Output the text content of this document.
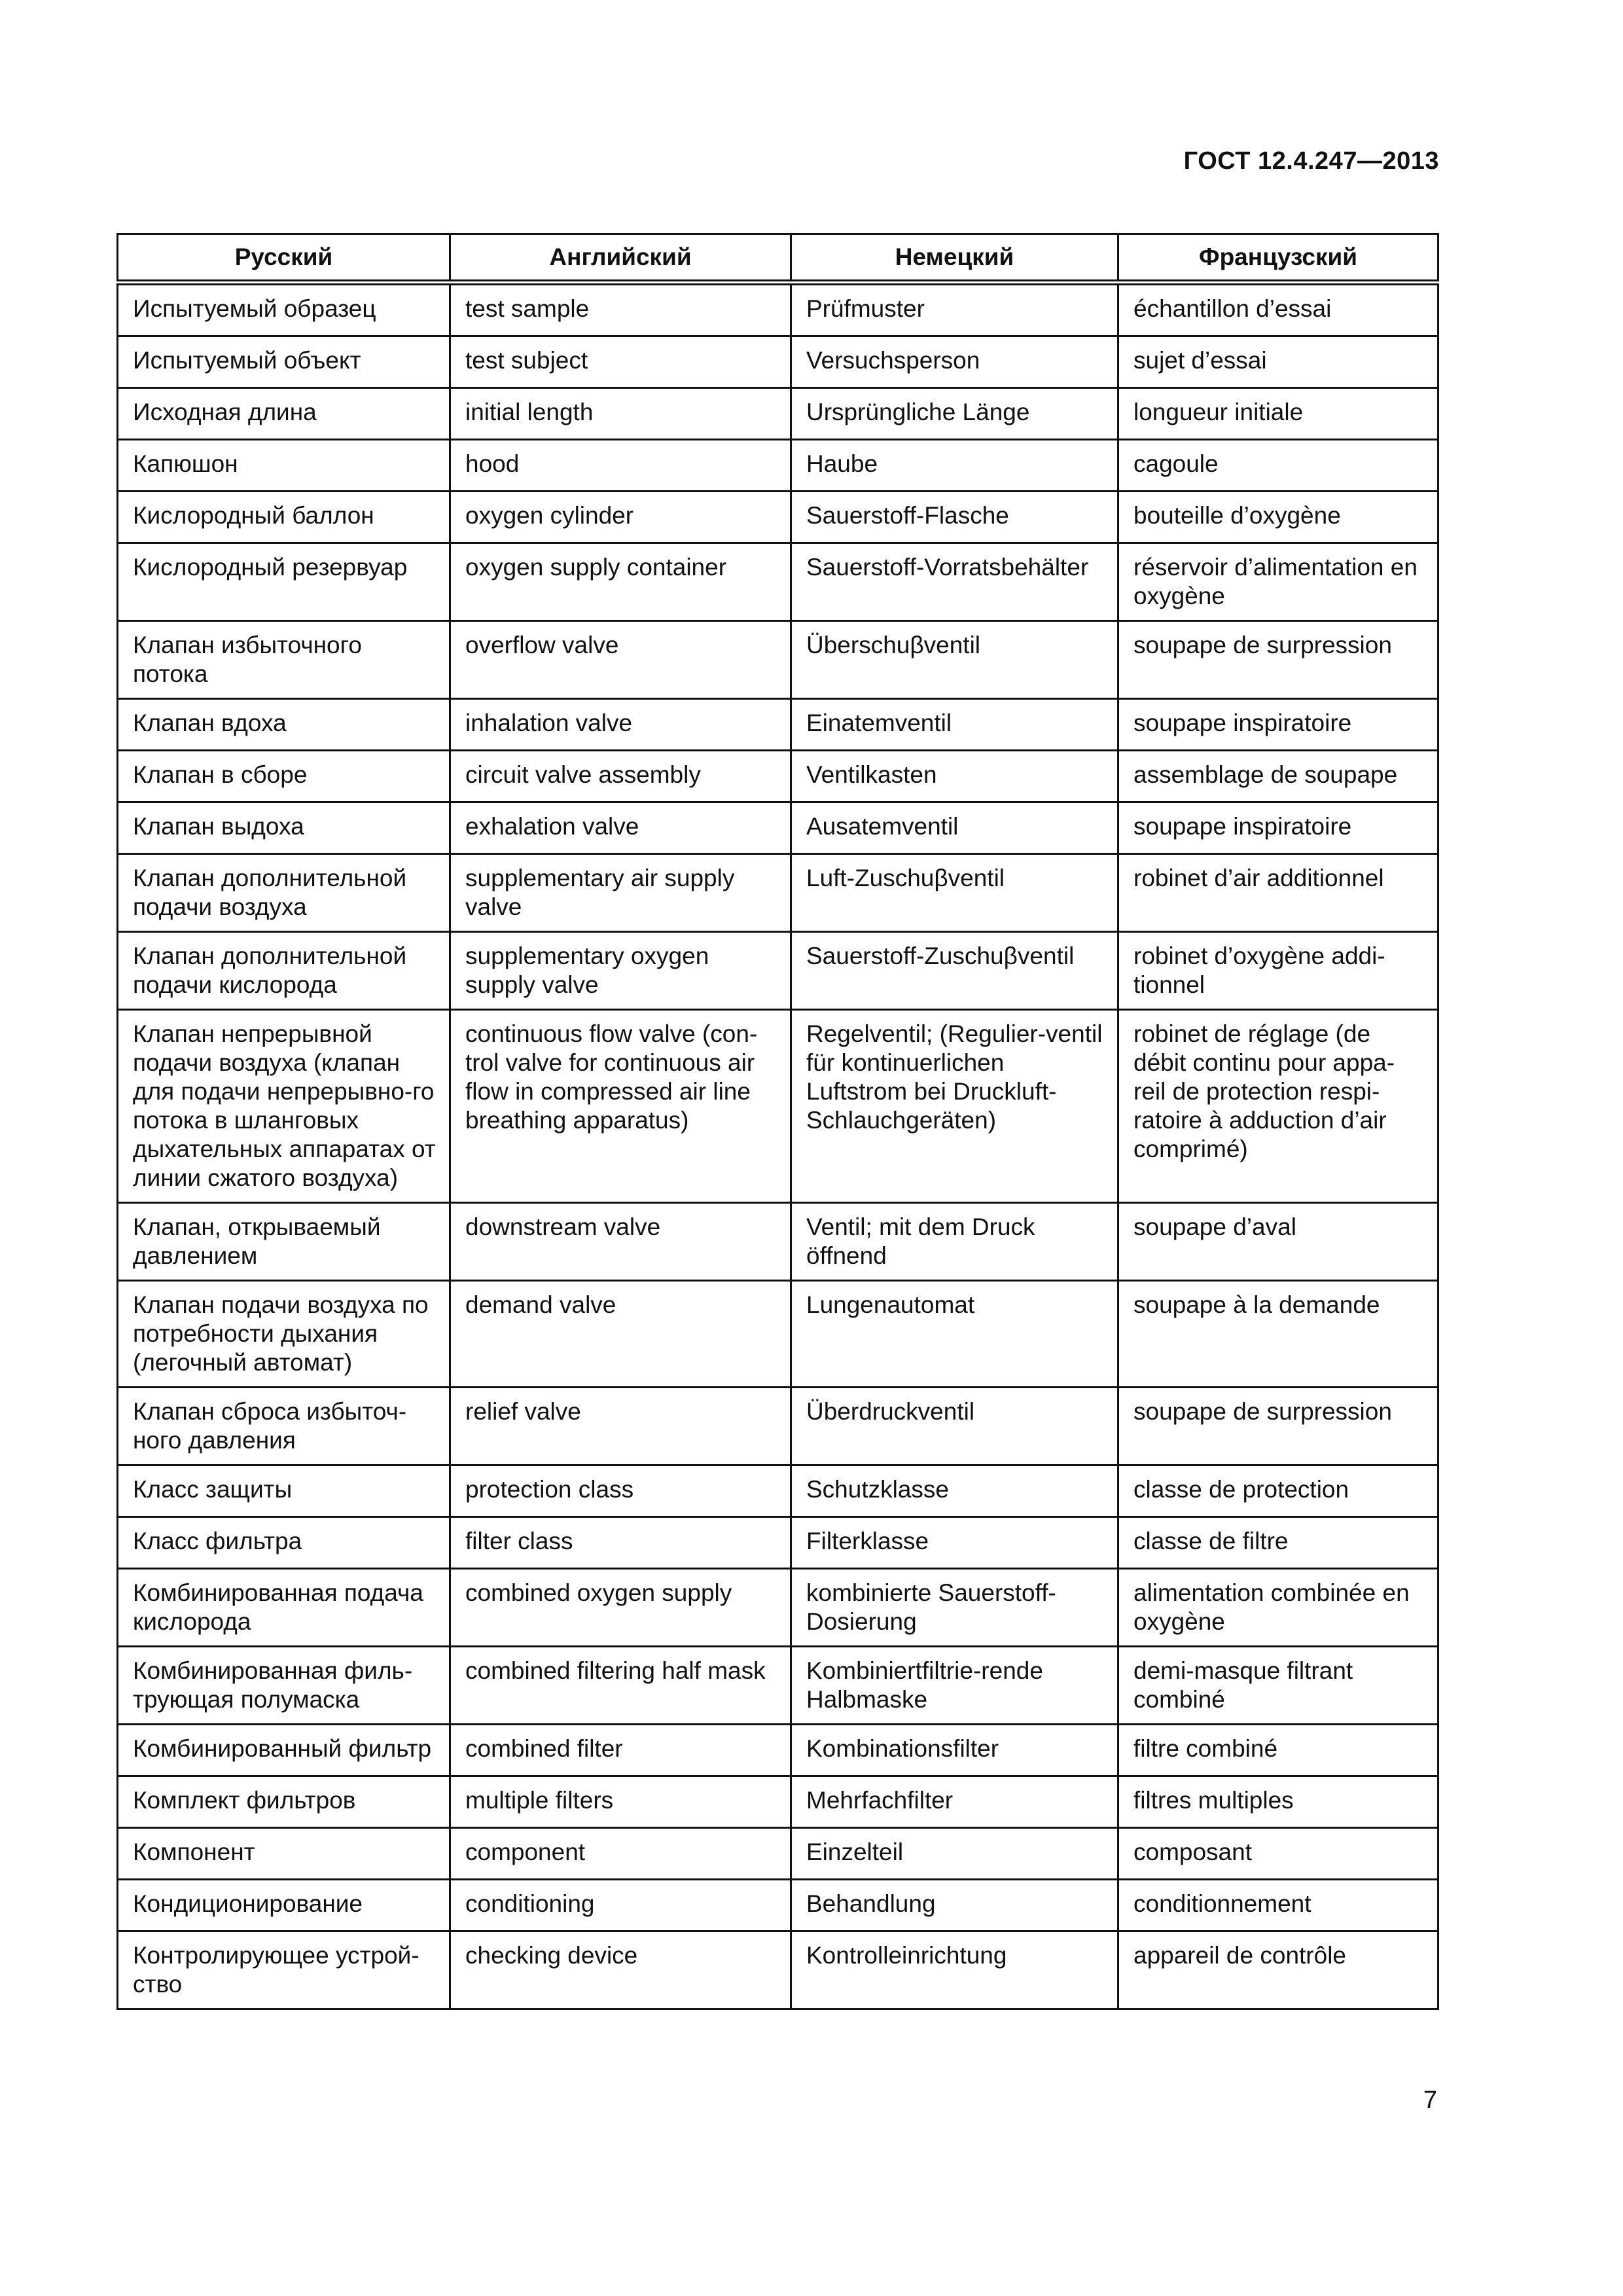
ГОСТ 12.4.247—2013
Русский	Английский	Немецкий	Французский
Испытуемый образец	test sample	Prüfmuster	échantillon d’essai
Испытуемый объект	test subject	Versuchsperson	sujet d’essai
Исходная длина	initial length	Ursprüngliche Länge	longueur initiale
Капюшон	hood	Haube	cagoule
Кислородный баллон	oxygen cylinder	Sauerstoff-Flasche	bouteille d’oxygène
Кислородный резервуар	oxygen supply container	Sauerstoff-Vorratsbehälter	réservoir d’alimentation en oxygène
Клапан избыточного потока	overflow valve	Überschuβventil	soupape de surpression
Клапан вдоха	inhalation valve	Einatemventil	soupape inspiratoire
Клапан в сборе	circuit valve assembly	Ventilkasten	assemblage de soupape
Клапан выдоха	exhalation valve	Ausatemventil	soupape inspiratoire
Клапан дополнительной подачи воздуха	supplementary air supply valve	Luft-Zuschuβventil	robinet d’air additionnel
Клапан дополнительной подачи кислорода	supplementary oxygen supply valve	Sauerstoff-Zuschuβventil	robinet d’oxygène addi-tionnel
Клапан непрерывной подачи воздуха (клапан для подачи непрерывно-го потока в шланговых дыхательных аппаратах от линии сжатого воздуха)	continuous flow valve (con-trol valve for continuous air flow in compressed air line breathing apparatus)	Regelventil; (Regulier-ventil für kontinuerlichen Luftstrom bei Druckluft-Schlauchgeräten)	robinet de réglage (de débit continu pour appa-reil de protection respi-ratoire à adduction d’air comprimé)
Клапан, открываемый давлением	downstream valve	Ventil; mit dem Druck öffnend	soupape d’aval
Клапан подачи воздуха по потребности дыхания (легочный автомат)	demand valve	Lungenautomat	soupape à la demande
Клапан сброса избыточ-ного давления	relief valve	Überdruckventil	soupape de surpression
Класс защиты	protection class	Schutzklasse	classe de protection
Класс фильтра	filter class	Filterklasse	classe de filtre
Комбинированная подача кислорода	combined oxygen supply	kombinierte Sauerstoff-Dosierung	alimentation combinée en oxygène
Комбинированная филь-трующая полумаска	combined filtering half mask	Kombiniertfiltrie-rende Halbmaske	demi-masque filtrant combiné
Комбинированный фильтр	combined filter	Kombinationsfilter	filtre combiné
Комплект фильтров	multiple filters	Mehrfachfilter	filtres multiples
Компонент	component	Einzelteil	composant
Кондиционирование	conditioning	Behandlung	conditionnement
Контролирующее устрой-ство	checking device	Kontrolleinrichtung	appareil de contrôle
7
